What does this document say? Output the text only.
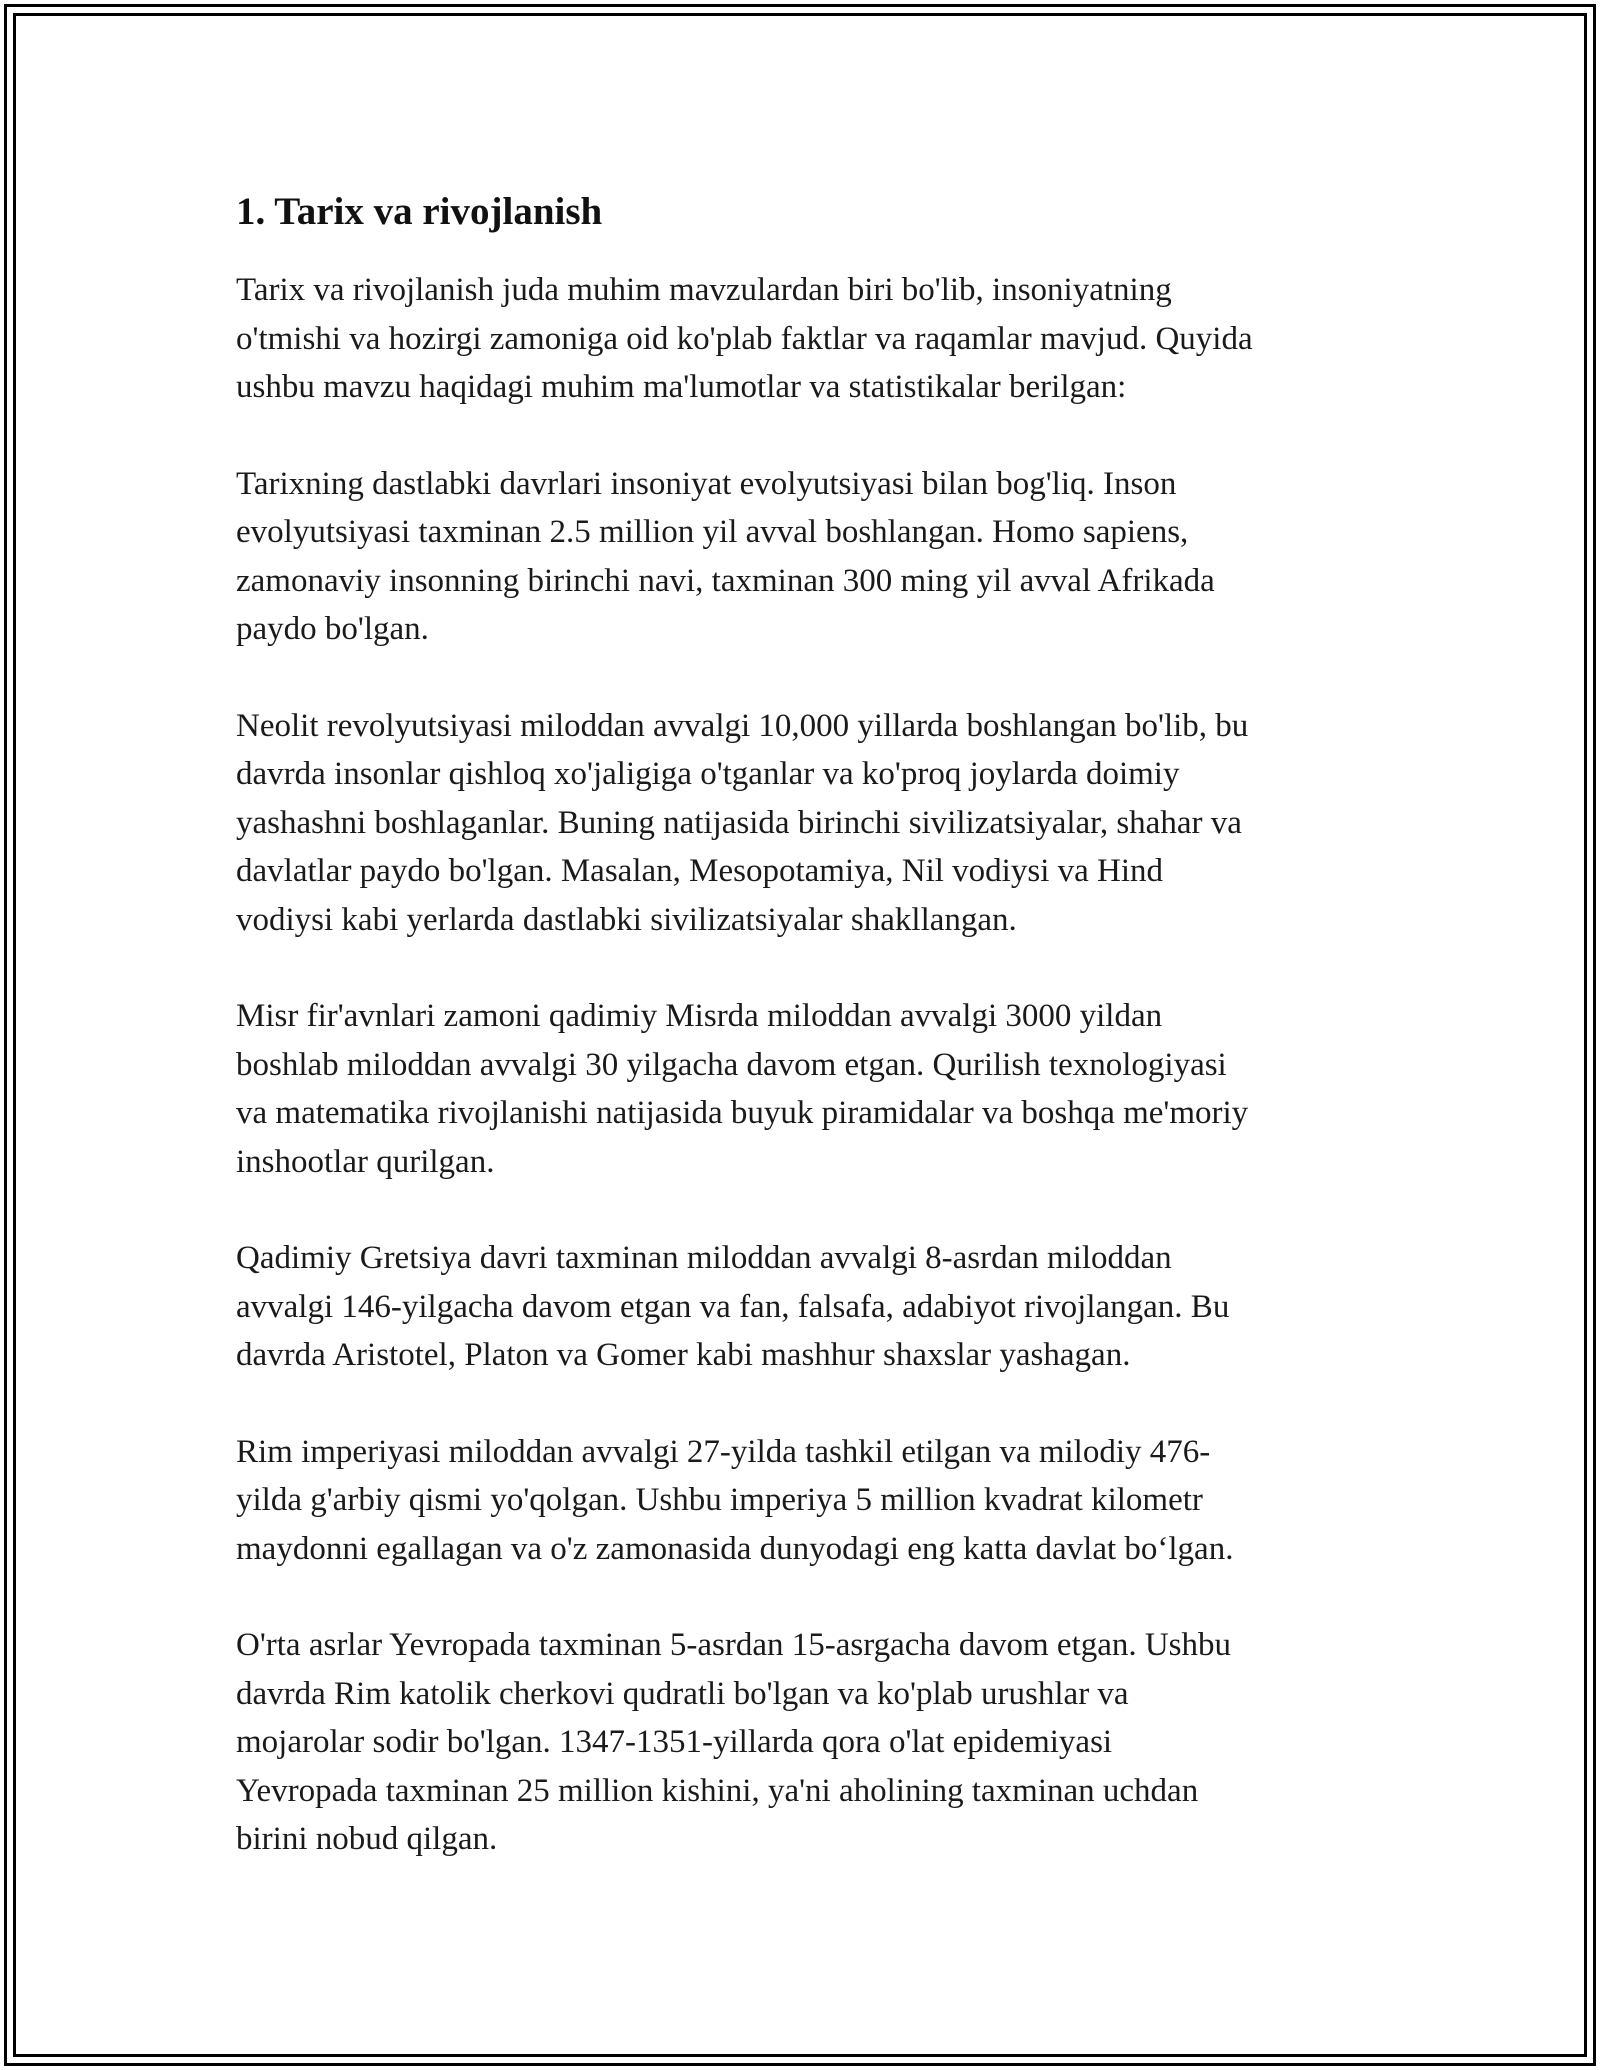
1. Tarix va rivojlanish

Tarix va rivojlanish juda muhim mavzulardan biri bo'lib, insoniyatning
o'tmishi va hozirgi zamoniga oid ko'plab faktlar va raqamlar mavjud. Quyida
ushbu mavzu haqidagi muhim ma'lumotlar va statistikalar berilgan:

Tarixning dastlabki davrlari insoniyat evolyutsiyasi bilan bog'liq. Inson
evolyutsiyasi taxminan 2.5 million yil avval boshlangan. Homo sapiens,
zamonaviy insonning birinchi navi, taxminan 300 ming yil avval Afrikada
paydo bo'lgan.

Neolit revolyutsiyasi miloddan avvalgi 10,000 yillarda boshlangan bo'lib, bu
davrda insonlar qishloq xo'jaligiga o'tganlar va ko'proq joylarda doimiy
yashashni boshlaganlar. Buning natijasida birinchi sivilizatsiyalar, shahar va
davlatlar paydo bo'lgan. Masalan, Mesopotamiya, Nil vodiysi va Hind
vodiysi kabi yerlarda dastlabki sivilizatsiyalar shakllangan.

Misr fir'avnlari zamoni qadimiy Misrda miloddan avvalgi 3000 yildan
boshlab miloddan avvalgi 30 yilgacha davom etgan. Qurilish texnologiyasi
va matematika rivojlanishi natijasida buyuk piramidalar va boshqa me'moriy
inshootlar qurilgan.

Qadimiy Gretsiya davri taxminan miloddan avvalgi 8-asrdan miloddan
avvalgi 146-yilgacha davom etgan va fan, falsafa, adabiyot rivojlangan. Bu
davrda Aristotel, Platon va Gomer kabi mashhur shaxslar yashagan.

Rim imperiyasi miloddan avvalgi 27-yilda tashkil etilgan va milodiy 476-
yilda g'arbiy qismi yo'qolgan. Ushbu imperiya 5 million kvadrat kilometr
maydonni egallagan va o'z zamonasida dunyodagi eng katta davlat bo‘lgan.

O'rta asrlar Yevropada taxminan 5-asrdan 15-asrgacha davom etgan. Ushbu
davrda Rim katolik cherkovi qudratli bo'lgan va ko'plab urushlar va
mojarolar sodir bo'lgan. 1347-1351-yillarda qora o'lat epidemiyasi
Yevropada taxminan 25 million kishini, ya'ni aholining taxminan uchdan
birini nobud qilgan.
